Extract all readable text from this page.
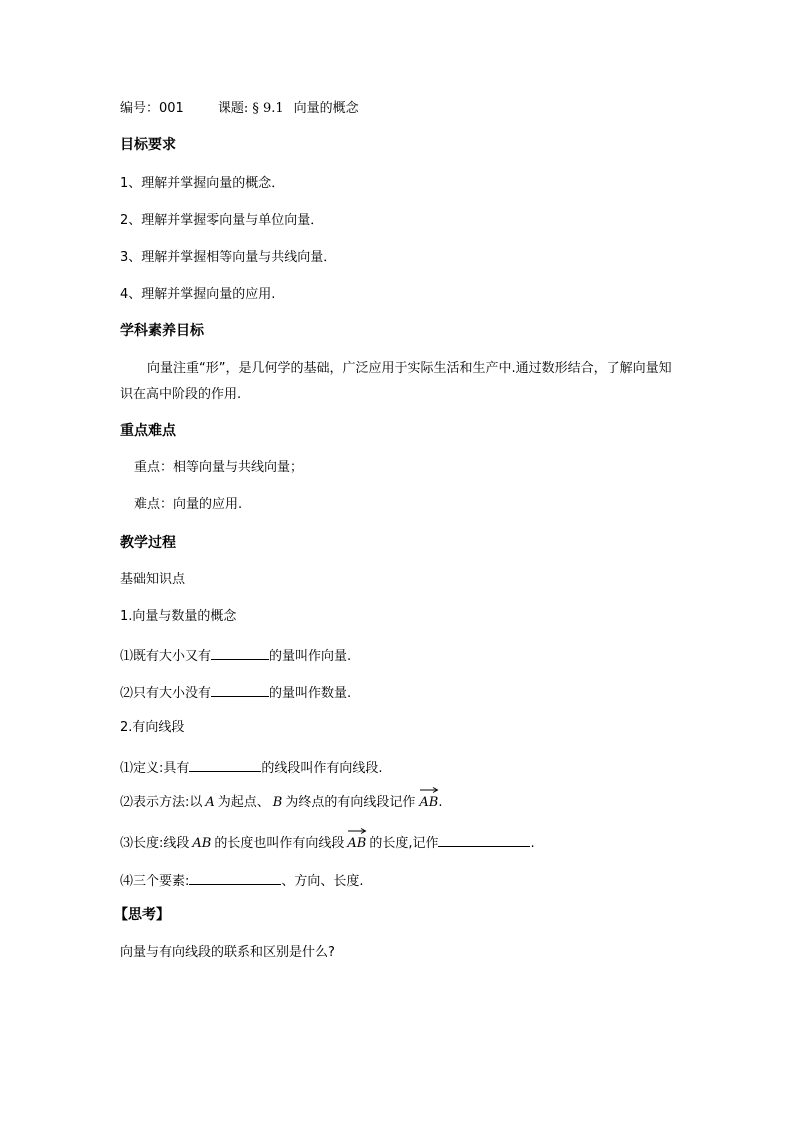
编号：001	课题: § 9.1 向量的概念
目标要求
1、理解并掌握向量的概念．
2、理解并掌握零向量与单位向量．
3、理解并掌握相等向量与共线向量．
4、理解并掌握向量的应用.
学科素养目标
向量注重“形”，是几何学的基础，广泛应用于实际生活和生产中.通过数形结合，了解向量知识在高中阶段的作用.
重点难点
重点：相等向量与共线向量；
难点：向量的应用.
教学过程
基础知识点
1.向量与数量的概念
⑴既有大小又有	的量叫作向量.
⑵只有大小没有	的量叫作数量.
2.有向线段
⑴定义:具有	的线段叫作有向线段.
⑵表示方法:以 A 为起点、 B 为终点的有向线段记作 AB.
⑶长度:线段 AB 的长度也叫作有向线段 AB 的长度,记作	.
⑷三个要素:	、方向、长度.
【思考】
向量与有向线段的联系和区别是什么?
